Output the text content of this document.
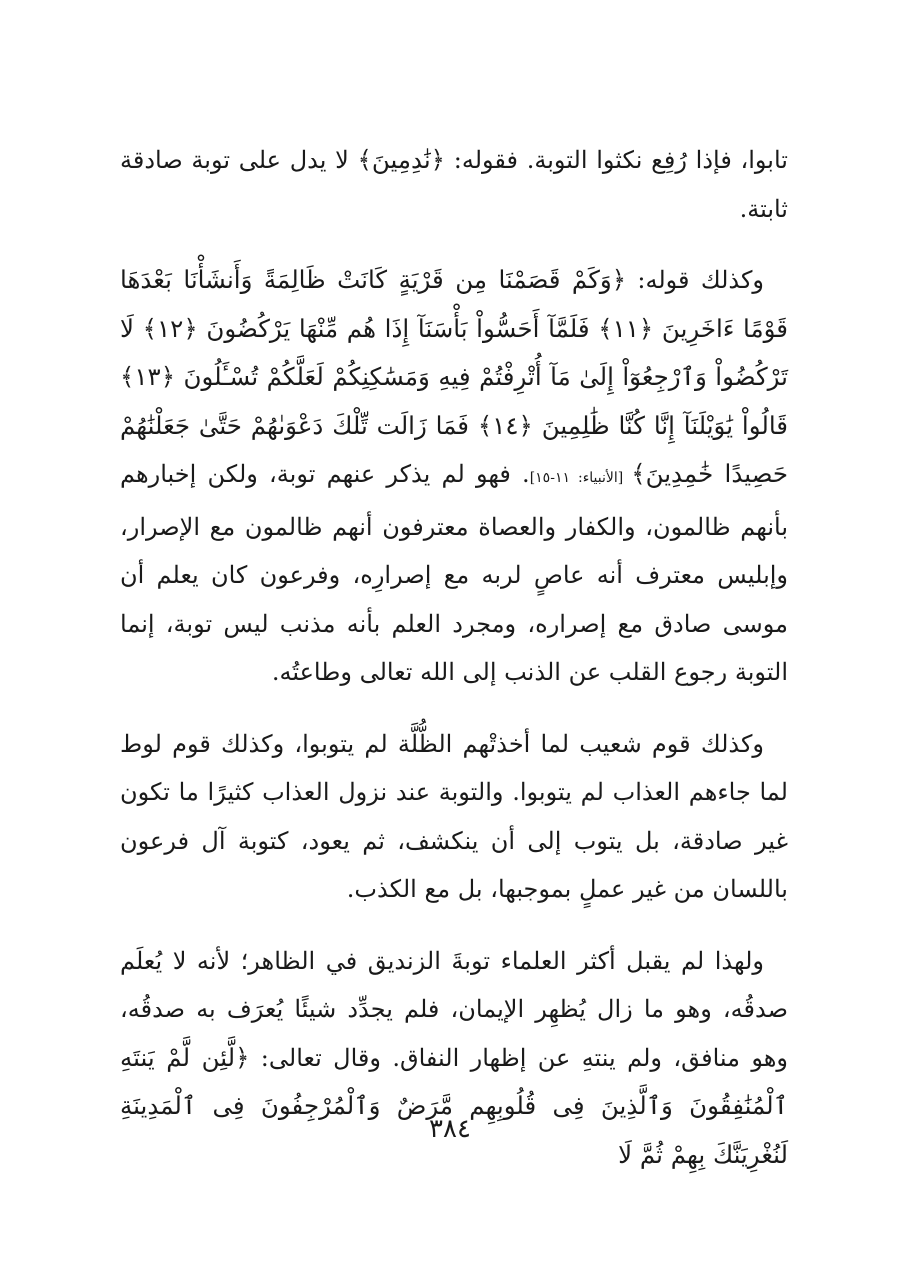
تابوا، فإذا رُفِع نكثوا التوبة. فقوله: ﴿نَٰدِمِينَ﴾ لا يدل على توبة صادقة ثابتة.

وكذلك قوله: ﴿وَكَمْ قَصَمْنَا مِن قَرْيَةٍ كَانَتْ ظَالِمَةً وَأَنشَأْنَا بَعْدَهَا قَوْمًا ءَاخَرِينَ ﴿١١﴾ فَلَمَّآ أَحَسُّواْ بَأْسَنَآ إِذَا هُم مِّنْهَا يَرْكُضُونَ ﴿١٢﴾ لَا تَرْكُضُواْ وَٱرْجِعُوٓاْ إِلَىٰ مَآ أُتْرِفْتُمْ فِيهِ وَمَسَٰكِنِكُمْ لَعَلَّكُمْ تُسْـَٔلُونَ ﴿١٣﴾ قَالُواْ يَٰوَيْلَنَآ إِنَّا كُنَّا ظَٰلِمِينَ ﴿١٤﴾ فَمَا زَالَت تِّلْكَ دَعْوَىٰهُمْ حَتَّىٰ جَعَلْنَٰهُمْ حَصِيدًا خَٰمِدِينَ﴾ [الأنبياء: ١١-١٥]. فهو لم يذكر عنهم توبة، ولكن إخبارهم بأنهم ظالمون، والكفار والعصاة معترفون أنهم ظالمون مع الإصرار، وإبليس معترف أنه عاصٍ لربه مع إصرارِه، وفرعون كان يعلم أن موسى صادق مع إصراره، ومجرد العلم بأنه مذنب ليس توبة، إنما التوبة رجوع القلب عن الذنب إلى الله تعالى وطاعتُه.

وكذلك قوم شعيب لما أخذتْهم الظُّلَّة لم يتوبوا، وكذلك قوم لوط لما جاءهم العذاب لم يتوبوا. والتوبة عند نزول العذاب كثيرًا ما تكون غير صادقة، بل يتوب إلى أن ينكشف، ثم يعود، كتوبة آل فرعون باللسان من غير عملٍ بموجبها، بل مع الكذب.

ولهذا لم يقبل أكثر العلماء توبةَ الزنديق في الظاهر؛ لأنه لا يُعلَم صدقُه، وهو ما زال يُظهِر الإيمان، فلم يجدِّد شيئًا يُعرَف به صدقُه، وهو منافق، ولم ينتهِ عن إظهار النفاق. وقال تعالى: ﴿لَّئِن لَّمْ يَنتَهِ ٱلْمُنَٰفِقُونَ وَٱلَّذِينَ فِى قُلُوبِهِم مَّرَضٌ وَٱلْمُرْجِفُونَ فِى ٱلْمَدِينَةِ لَنُغْرِيَنَّكَ بِهِمْ ثُمَّ لَا

٣٨٤
